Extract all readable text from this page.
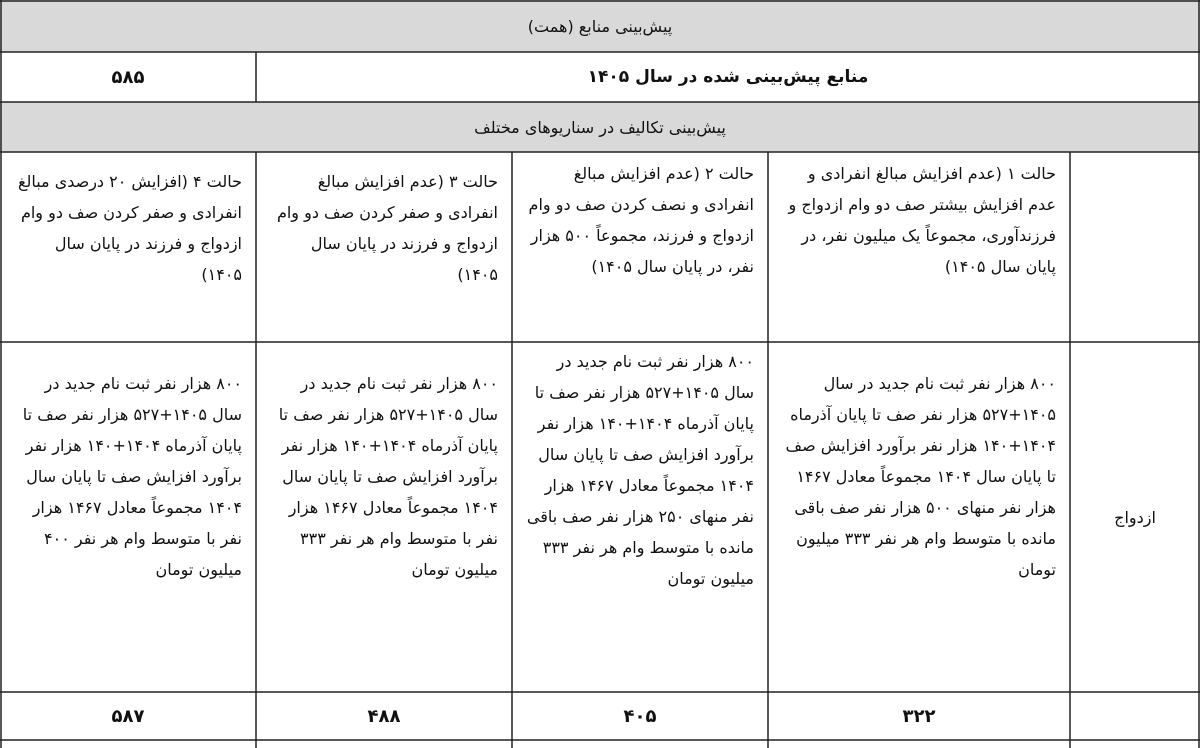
پیش‌بینی منابع (همت)
منابع پیش‌بینی شده در سال ۱۴۰۵
۵۸۵
پیش‌بینی تکالیف در سناریوهای مختلف
حالت ۱ (عدم افزایش مبالغ انفرادی و عدم افزایش بیشتر صف دو وام ازدواج و فرزندآوری، مجموعاً یک میلیون نفر، در پایان سال ۱۴۰۵)
حالت ۲ (عدم افزایش مبالغ انفرادی و نصف کردن صف دو وام ازدواج و فرزند، مجموعاً ۵۰۰ هزار نفر، در پایان سال ۱۴۰۵)
حالت ۳ (عدم افزایش مبالغ انفرادی و صفر کردن صف دو وام ازدواج و فرزند در پایان سال ۱۴۰۵)
حالت ۴ (افزایش ۲۰ درصدی مبالغ انفرادی و صفر کردن صف دو وام ازدواج و فرزند در پایان سال ۱۴۰۵)
ازدواج
۸۰۰ هزار نفر ثبت نام جدید در سال ۱۴۰۵+۵۲۷ هزار نفر صف تا پایان آذرماه ۱۴۰۴+۱۴۰ هزار نفر برآورد افزایش صف تا پایان سال ۱۴۰۴ مجموعاً معادل ۱۴۶۷ هزار نفر منهای ۵۰۰ هزار نفر صف باقی مانده با متوسط وام هر نفر ۳۳۳ میلیون تومان
۸۰۰ هزار نفر ثبت نام جدید در سال ۱۴۰۵+۵۲۷ هزار نفر صف تا پایان آذرماه ۱۴۰۴+۱۴۰ هزار نفر برآورد افزایش صف تا پایان سال ۱۴۰۴ مجموعاً معادل ۱۴۶۷ هزار نفر منهای ۲۵۰ هزار نفر صف باقی مانده با متوسط وام هر نفر ۳۳۳ میلیون تومان
۸۰۰ هزار نفر ثبت نام جدید در سال ۱۴۰۵+۵۲۷ هزار نفر صف تا پایان آذرماه ۱۴۰۴+۱۴۰ هزار نفر برآورد افزایش صف تا پایان سال ۱۴۰۴ مجموعاً معادل ۱۴۶۷ هزار نفر با متوسط وام هر نفر ۳۳۳ میلیون تومان
۸۰۰ هزار نفر ثبت نام جدید در سال ۱۴۰۵+۵۲۷ هزار نفر صف تا پایان آذرماه ۱۴۰۴+۱۴۰ هزار نفر برآورد افزایش صف تا پایان سال ۱۴۰۴ مجموعاً معادل ۱۴۶۷ هزار نفر با متوسط وام هر نفر ۴۰۰ میلیون تومان
۳۲۲
۴۰۵
۴۸۸
۵۸۷
